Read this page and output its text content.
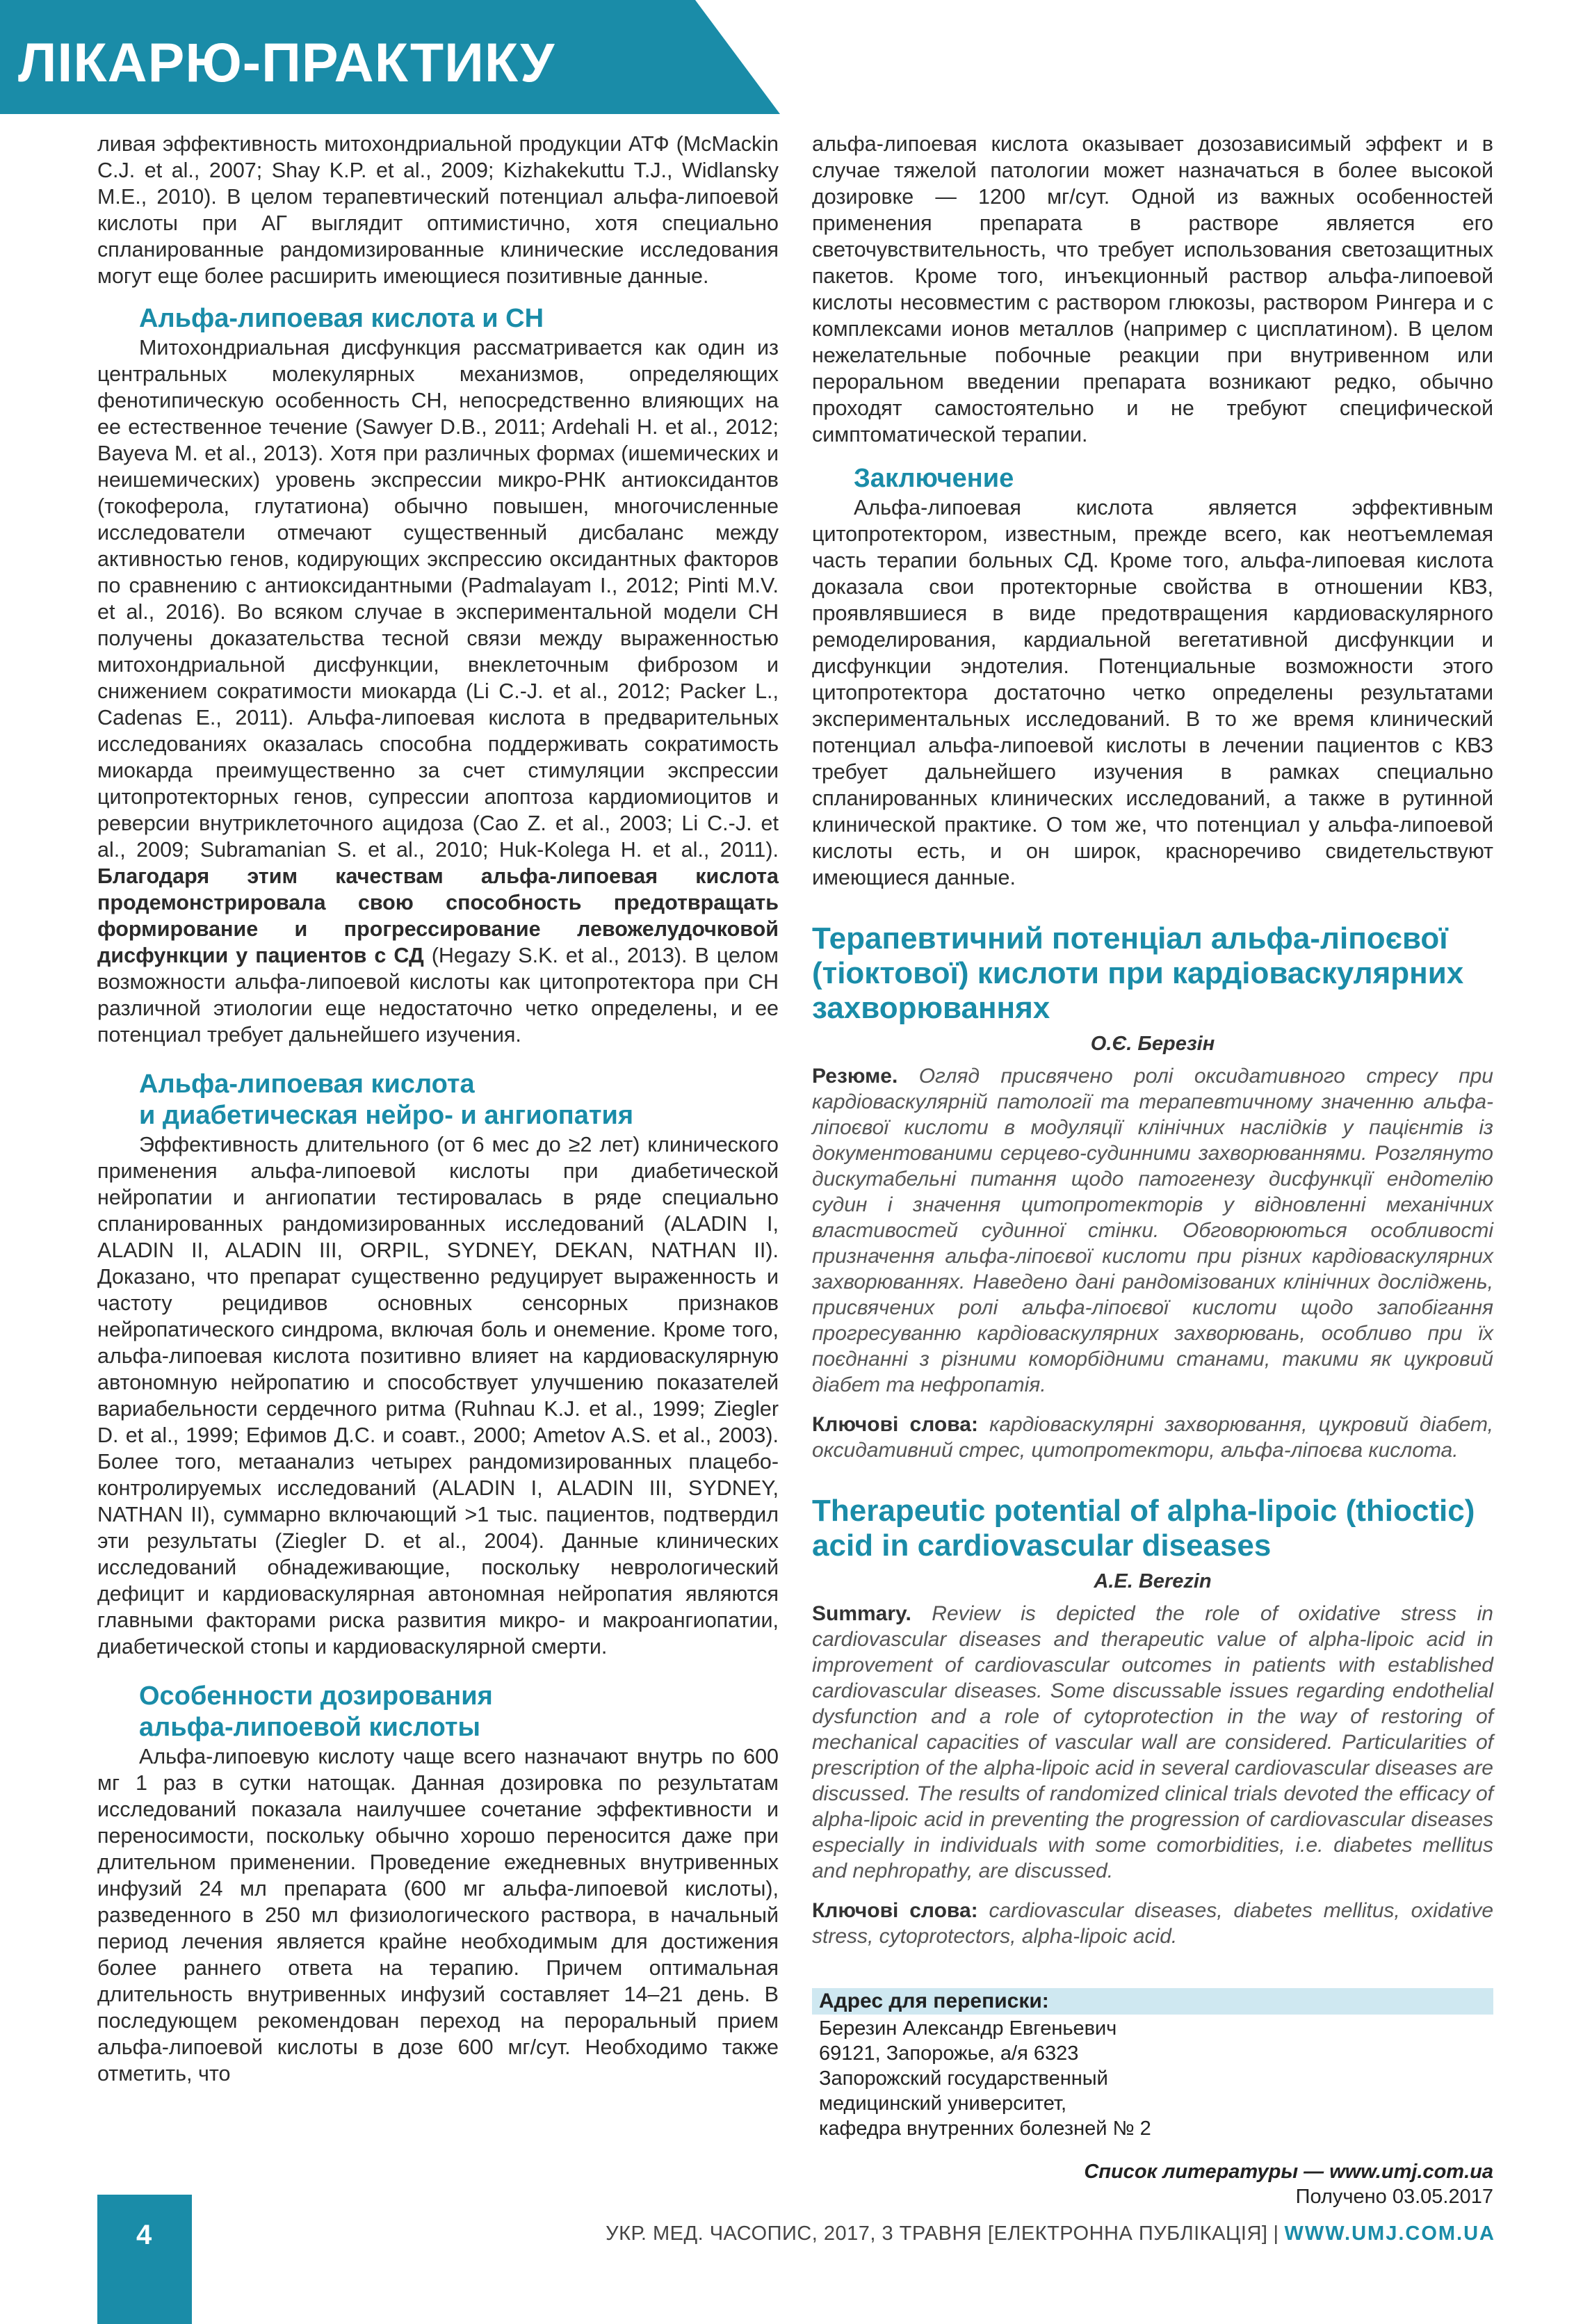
ЛІКАРЮ-ПРАКТИКУ

ливая эффективность митохондриальной продукции АТФ (McMackin C.J. et al., 2007; Shay K.P. et al., 2009; Kizhakekuttu T.J., Widlansky M.E., 2010). В целом терапевтический потенциал альфа-липоевой кислоты при АГ выглядит оптимистично, хотя специально спланированные рандомизированные клинические исследования могут еще более расширить имеющиеся позитивные данные.

Альфа-липоевая кислота и СН

Митохондриальная дисфункция рассматривается как один из центральных молекулярных механизмов, определяющих фенотипическую особенность СН, непосредственно влияющих на ее естественное течение (Sawyer D.B., 2011; Ardehali H. et al., 2012; Bayeva M. et al., 2013). Хотя при различных формах (ишемических и неишемических) уровень экспрессии микро-РНК антиоксидантов (токоферола, глутатиона) обычно повышен, многочисленные исследователи отмечают существенный дисбаланс между активностью генов, кодирующих экспрессию оксидантных факторов по сравнению с антиоксидантными (Padmalayam I., 2012; Pinti M.V. et al., 2016). Во всяком случае в экспериментальной модели СН получены доказательства тесной связи между выраженностью митохондриальной дисфункции, внеклеточным фиброзом и снижением сократимости миокарда (Li C.-J. et al., 2012; Packer L., Cadenas E., 2011). Альфа-липоевая кислота в предварительных исследованиях оказалась способна поддерживать сократимость миокарда преимущественно за счет стимуляции экспрессии цитопротекторных генов, супрессии апоптоза кардиомиоцитов и реверсии внутриклеточного ацидоза (Cao Z. et al., 2003; Li C.-J. et al., 2009; Subramanian S. et al., 2010; Huk-Kolega H. et al., 2011). Благодаря этим качествам альфа-липоевая кислота продемонстрировала свою способность предотвращать формирование и прогрессирование левожелудочковой дисфункции у пациентов с СД (Hegazy S.K. et al., 2013). В целом возможности альфа-липоевой кислоты как цитопротектора при СН различной этиологии еще недостаточно четко определены, и ее потенциал требует дальнейшего изучения.

Альфа-липоевая кислота
и диабетическая нейро- и ангиопатия

Эффективность длительного (от 6 мес до ≥2 лет) клинического применения альфа-липоевой кислоты при диабетической нейропатии и ангиопатии тестировалась в ряде специально спланированных рандомизированных исследований (ALADIN I, ALADIN II, ALADIN III, ORPIL, SYDNEY, DEKAN, NATHAN II). Доказано, что препарат существенно редуцирует выраженность и частоту рецидивов основных сенсорных признаков нейропатического синдрома, включая боль и онемение. Кроме того, альфа-липоевая кислота позитивно влияет на кардиоваскулярную автономную нейропатию и способствует улучшению показателей вариабельности сердечного ритма (Ruhnau K.J. et al., 1999; Ziegler D. et al., 1999; Ефимов Д.С. и соавт., 2000; Ametov A.S. et al., 2003). Более того, метаанализ четырех рандомизированных плацебо-контролируемых исследований (ALADIN I, ALADIN III, SYDNEY, NATHAN II), суммарно включающий >1 тыс. пациентов, подтвердил эти результаты (Ziegler D. et al., 2004). Данные клинических исследований обнадеживающие, поскольку неврологический дефицит и кардиоваскулярная автономная нейропатия являются главными факторами риска развития микро- и макроангиопатии, диабетической стопы и кардиоваскулярной смерти.

Особенности дозирования
альфа-липоевой кислоты

Альфа-липоевую кислоту чаще всего назначают внутрь по 600 мг 1 раз в сутки натощак. Данная дозировка по результатам исследований показала наилучшее сочетание эффективности и переносимости, поскольку обычно хорошо переносится даже при длительном применении. Проведение ежедневных внутривенных инфузий 24 мл препарата (600 мг альфа-липоевой кислоты), разведенного в 250 мл физиологического раствора, в начальный период лечения является крайне необходимым для достижения более раннего ответа на терапию. Причем оптимальная длительность внутривенных инфузий составляет 14–21 день. В последующем рекомендован переход на пероральный прием альфа-липоевой кислоты в дозе 600 мг/сут. Необходимо также отметить, что

альфа-липоевая кислота оказывает дозозависимый эффект и в случае тяжелой патологии может назначаться в более высокой дозировке — 1200 мг/сут. Одной из важных особенностей применения препарата в растворе является его светочувствительность, что требует использования светозащитных пакетов. Кроме того, инъекционный раствор альфа-липоевой кислоты несовместим с раствором глюкозы, раствором Рингера и с комплексами ионов металлов (например с цисплатином). В целом нежелательные побочные реакции при внутривенном или пероральном введении препарата возникают редко, обычно проходят самостоятельно и не требуют специфической симптоматической терапии.

Заключение

Альфа-липоевая кислота является эффективным цитопротектором, известным, прежде всего, как неотъемлемая часть терапии больных СД. Кроме того, альфа-липоевая кислота доказала свои протекторные свойства в отношении КВЗ, проявлявшиеся в виде предотвращения кардиоваскулярного ремоделирования, кардиальной вегетативной дисфункции и дисфункции эндотелия. Потенциальные возможности этого цитопротектора достаточно четко определены результатами экспериментальных исследований. В то же время клинический потенциал альфа-липоевой кислоты в лечении пациентов с КВЗ требует дальнейшего изучения в рамках специально спланированных клинических исследований, а также в рутинной клинической практике. О том же, что потенциал у альфа-липоевой кислоты есть, и он широк, красноречиво свидетельствуют имеющиеся данные.

Терапевтичний потенціал альфа-ліпоєвої (тіоктової) кислоти при кардіоваскулярних захворюваннях
О.Є. Березін

Резюме. Огляд присвячено ролі оксидативного стресу при кардіоваскулярній патології та терапевтичному значенню альфа-ліпоєвої кислоти в модуляції клінічних наслідків у пацієнтів із документованими серцево-судинними захворюваннями. Розглянуто дискутабельні питання щодо патогенезу дисфункції ендотелію судин і значення цитопротекторів у відновленні механічних властивостей судинної стінки. Обговорюються особливості призначення альфа-ліпоєвої кислоти при різних кардіоваскулярних захворюваннях. Наведено дані рандомізованих клінічних досліджень, присвячених ролі альфа-ліпоєвої кислоти щодо запобігання прогресуванню кардіоваскулярних захворювань, особливо при їх поєднанні з різними коморбідними станами, такими як цукровий діабет та нефропатія.

Ключові слова: кардіоваскулярні захворювання, цукровий діабет, оксидативний стрес, цитопротектори, альфа-ліпоєва кислота.

Therapeutic potential of alpha-lipoic (thioctic) acid in cardiovascular diseases
A.E. Berezin

Summary. Review is depicted the role of oxidative stress in cardiovascular diseases and therapeutic value of alpha-lipoic acid in improvement of cardiovascular outcomes in patients with established cardiovascular diseases. Some discussable issues regarding endothelial dysfunction and a role of cytoprotection in the way of restoring of mechanical capacities of vascular wall are considered. Particularities of prescription of the alpha-lipoic acid in several cardiovascular diseases are discussed. The results of randomized clinical trials devoted the efficacy of alpha-lipoic acid in preventing the progression of cardiovascular diseases especially in individuals with some comorbidities, i.e. diabetes mellitus and nephropathy, are discussed.

Ключові слова: cardiovascular diseases, diabetes mellitus, oxidative stress, cytoprotectors, alpha-lipoic acid.

Адрес для переписки:
Березин Александр Евгеньевич
69121, Запорожье, а/я 6323
Запорожский государственный
медицинский университет,
кафедра внутренних болезней № 2
Список литературы — www.umj.com.ua
Получено 03.05.2017
4	УКР. МЕД. ЧАСОПИС, 2017, 3 ТРАВНЯ [ЕЛЕКТРОННА ПУБЛІКАЦІЯ] | WWW.UMJ.COM.UA
